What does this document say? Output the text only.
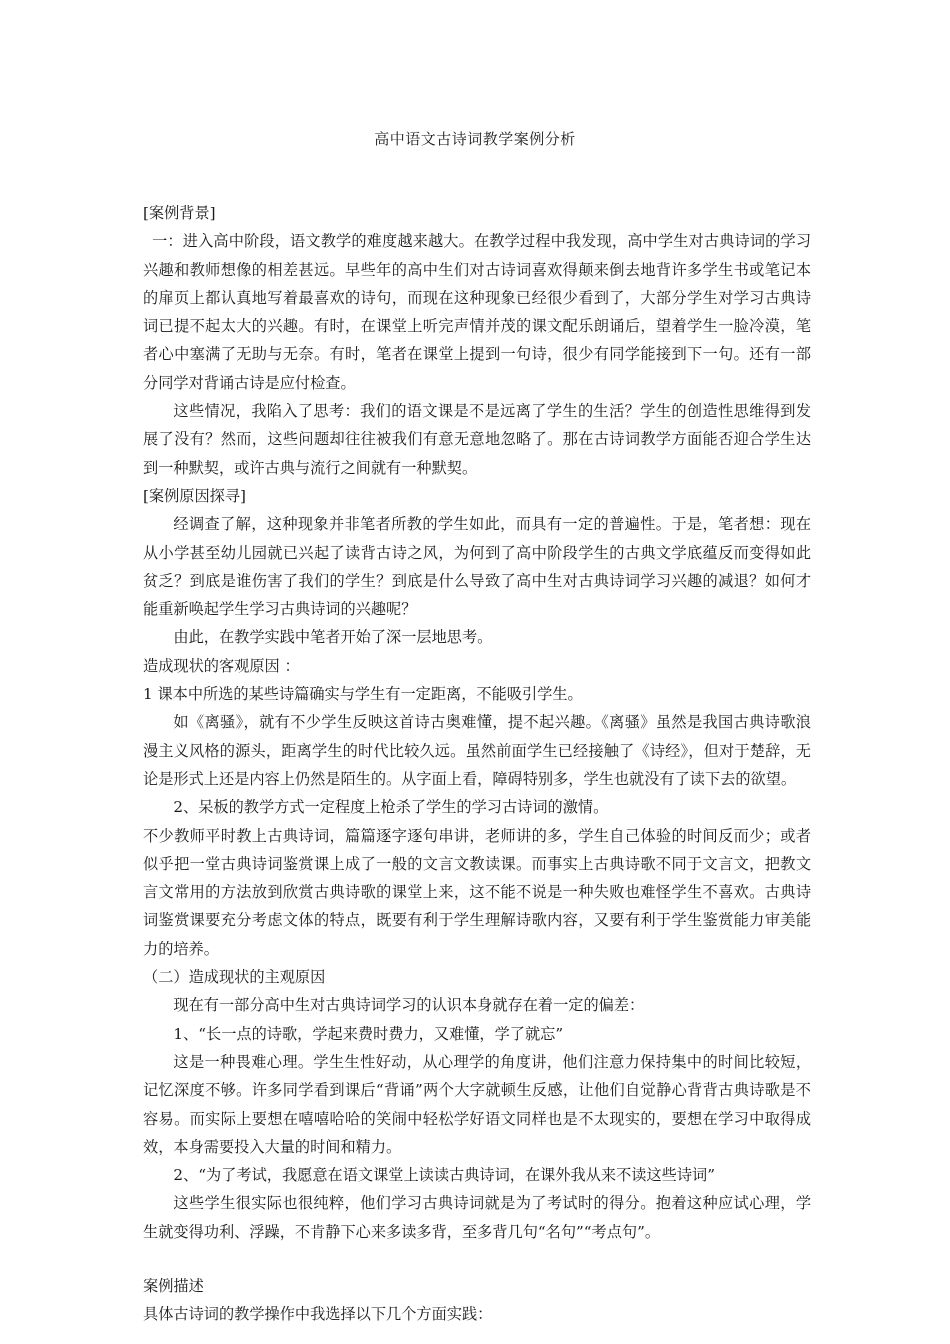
高中语文古诗词教学案例分析

[案例背景]

一：进入高中阶段，语文教学的难度越来越大。在教学过程中我发现，高中学生对古典诗词的学习兴趣和教师想像的相差甚远。早些年的高中生们对古诗词喜欢得颠来倒去地背许多学生书或笔记本的扉页上都认真地写着最喜欢的诗句，而现在这种现象已经很少看到了，大部分学生对学习古典诗词已提不起太大的兴趣。有时，在课堂上听完声情并茂的课文配乐朗诵后，望着学生一脸冷漠，笔者心中塞满了无助与无奈。有时，笔者在课堂上提到一句诗，很少有同学能接到下一句。还有一部分同学对背诵古诗是应付检查。

这些情况，我陷入了思考：我们的语文课是不是远离了学生的生活？学生的创造性思维得到发展了没有？然而，这些问题却往往被我们有意无意地忽略了。那在古诗词教学方面能否迎合学生达到一种默契，或许古典与流行之间就有一种默契。

[案例原因探寻]

经调查了解，这种现象并非笔者所教的学生如此，而具有一定的普遍性。于是，笔者想：现在从小学甚至幼儿园就已兴起了读背古诗之风，为何到了高中阶段学生的古典文学底蕴反而变得如此贫乏？到底是谁伤害了我们的学生？到底是什么导致了高中生对古典诗词学习兴趣的减退？如何才能重新唤起学生学习古典诗词的兴趣呢？

由此，在教学实践中笔者开始了深一层地思考。

造成现状的客观原因 ：

1 课本中所选的某些诗篇确实与学生有一定距离，不能吸引学生。

如《离骚》，就有不少学生反映这首诗古奥难懂，提不起兴趣。《离骚》虽然是我国古典诗歌浪漫主义风格的源头，距离学生的时代比较久远。虽然前面学生已经接触了《诗经》，但对于楚辞，无论是形式上还是内容上仍然是陌生的。从字面上看，障碍特别多，学生也就没有了读下去的欲望。

2、呆板的教学方式一定程度上枪杀了学生的学习古诗词的激情。

不少教师平时教上古典诗词，篇篇逐字逐句串讲，老师讲的多，学生自己体验的时间反而少；或者似乎把一堂古典诗词鉴赏课上成了一般的文言文教读课。而事实上古典诗歌不同于文言文，把教文言文常用的方法放到欣赏古典诗歌的课堂上来，这不能不说是一种失败也难怪学生不喜欢。古典诗词鉴赏课要充分考虑文体的特点，既要有利于学生理解诗歌内容，又要有利于学生鉴赏能力审美能力的培养。

（二）造成现状的主观原因

现在有一部分高中生对古典诗词学习的认识本身就存在着一定的偏差：

1、“长一点的诗歌，学起来费时费力，又难懂，学了就忘”

这是一种畏难心理。学生生性好动，从心理学的角度讲，他们注意力保持集中的时间比较短，记忆深度不够。许多同学看到课后“背诵”两个大字就顿生反感，让他们自觉静心背背古典诗歌是不容易。而实际上要想在嘻嘻哈哈的笑闹中轻松学好语文同样也是不太现实的，要想在学习中取得成效，本身需要投入大量的时间和精力。

2、“为了考试，我愿意在语文课堂上读读古典诗词，在课外我从来不读这些诗词”

这些学生很实际也很纯粹，他们学习古典诗词就是为了考试时的得分。抱着这种应试心理，学生就变得功利、浮躁，不肯静下心来多读多背，至多背几句“名句”“考点句”。

案例描述

具体古诗词的教学操作中我选择以下几个方面实践：
